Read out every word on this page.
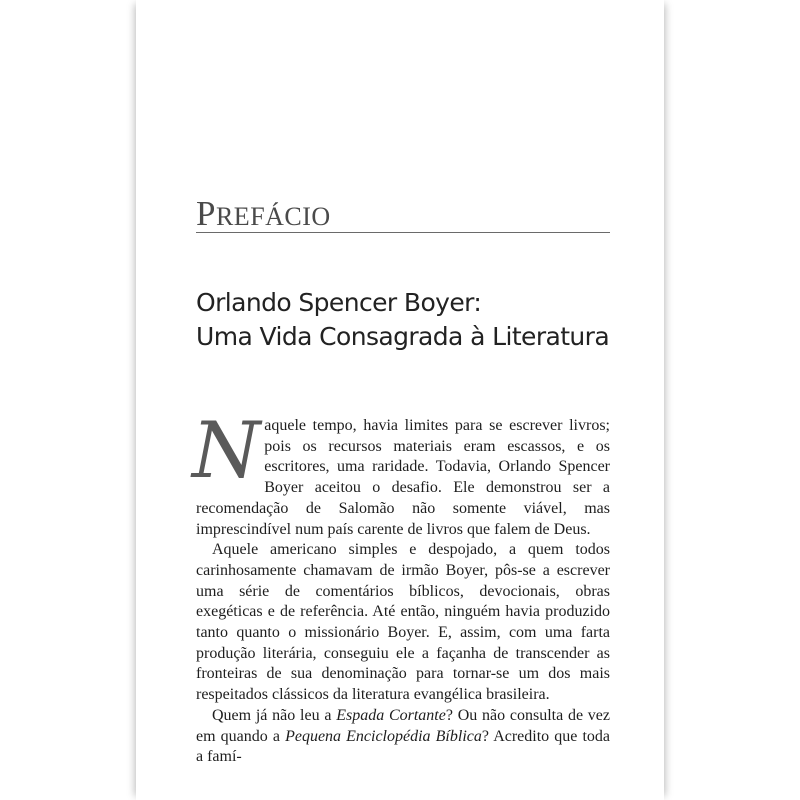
PREFÁCIO
Orlando Spencer Boyer:
Uma Vida Consagrada à Literatura

Naquele tempo, havia limites para se escrever livros; pois os recursos materiais eram escassos, e os escritores, uma raridade. Todavia, Orlando Spencer Boyer aceitou o desafio. Ele demonstrou ser a recomendação de Salomão não somente viável, mas imprescindível num país carente de livros que falem de Deus.

Aquele americano simples e despojado, a quem todos carinhosamente chamavam de irmão Boyer, pôs-se a escrever uma série de comentários bíblicos, devocionais, obras exegéticas e de referência. Até então, ninguém havia produzido tanto quanto o missionário Boyer. E, assim, com uma farta produção literária, conseguiu ele a façanha de transcender as fronteiras de sua denominação para tornar-se um dos mais respeitados clássicos da literatura evangélica brasileira.

Quem já não leu a Espada Cortante? Ou não consulta de vez em quando a Pequena Enciclopédia Bíblica? Acredito que toda a famí-
